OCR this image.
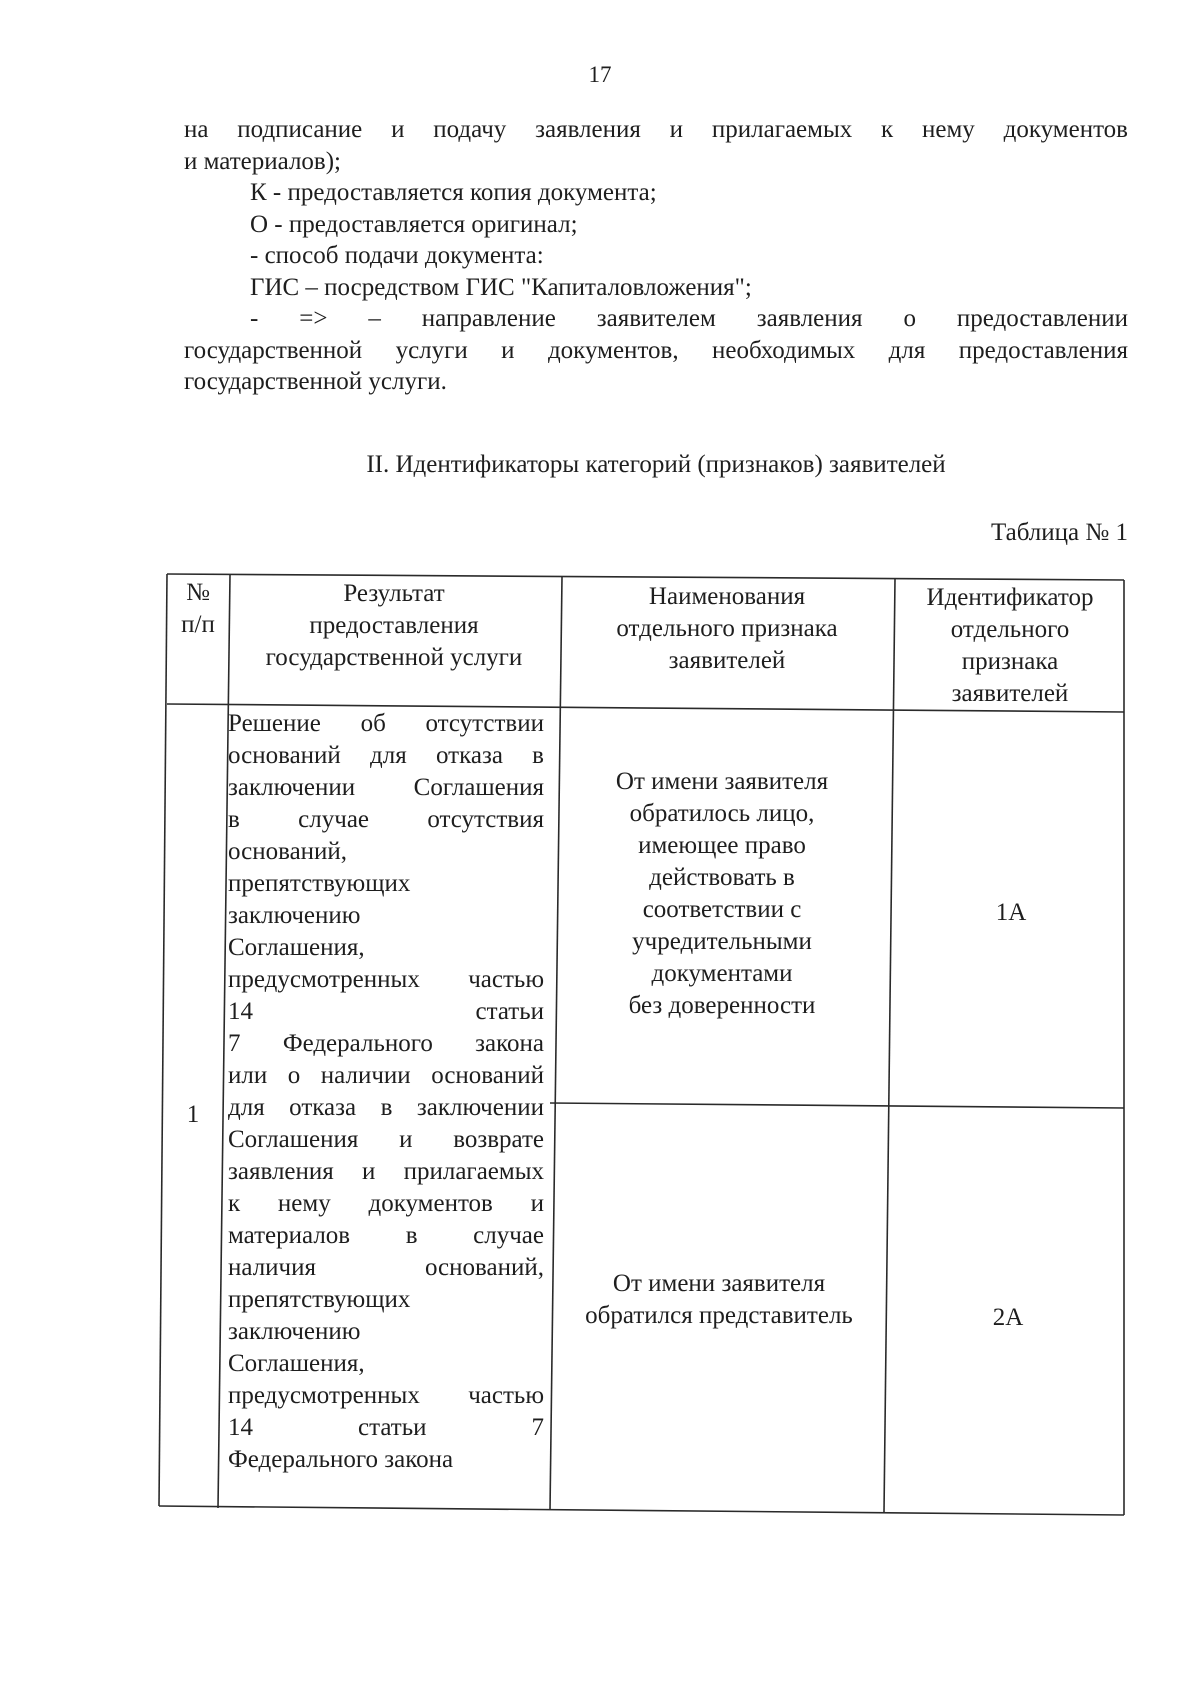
17

на подписание и подачу заявления и прилагаемых к нему документов

и материалов);

К - предоставляется копия документа;

О - предоставляется оригинал;

- способ подачи документа:

ГИС – посредством ГИС "Капиталовложения";

- => – направление заявителем заявления о предоставлении

государственной услуги и документов, необходимых для предоставления

государственной услуги.

II. Идентификаторы категорий (признаков) заявителей
Таблица № 1
№
п/п
Результат
предоставления
государственной услуги
Наименования
отдельного признака
заявителей
Идентификатор
отдельного
признака
заявителей
1
Решение об отсутствии
оснований для отказа в
заключении Соглашения
в случае отсутствия
оснований,
препятствующих
заключению
Соглашения,
предусмотренных частью
14 статьи
7 Федерального закона
или о наличии оснований
для отказа в заключении
Соглашения и возврате
заявления и прилагаемых
к нему документов и
материалов в случае
наличия оснований,
препятствующих
заключению
Соглашения,
предусмотренных частью
14 статьи 7
Федерального закона
От имени заявителя
обратилось лицо,
имеющее право
действовать в
соответствии с
учредительными
документами
без доверенности
1А
От имени заявителя
обратился представитель	2А
